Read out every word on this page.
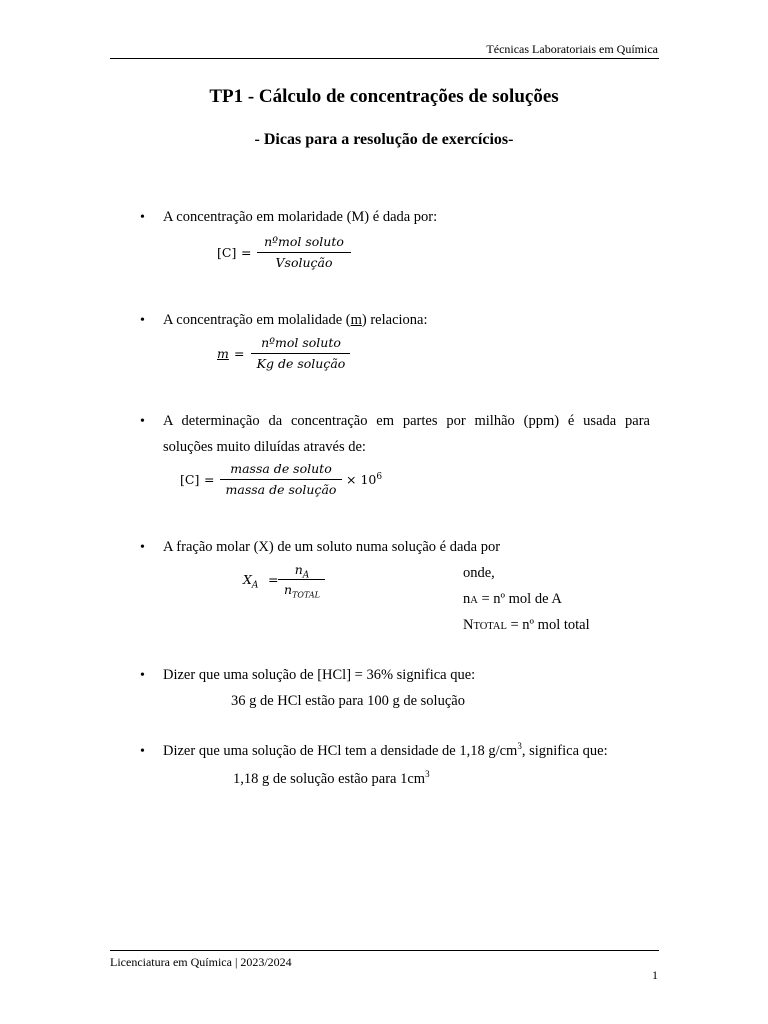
Técnicas Laboratoriais em Química
TP1 - Cálculo de concentrações de soluções
- Dicas para a resolução de exercícios-
• A concentração em molaridade (M) é dada por:
[C] =
nºmol soluto
Vsolução
• A concentração em molalidade (m) relaciona:
m =
nºmol soluto
Kg de solução
• A determinação da concentração em partes por milhão (ppm) é usada para
soluções muito diluídas através de:
[C] =
massa de soluto
massa de solução
× $10^6$
• A fração molar (X) de um soluto numa solução é dada por
$X_A$ =
$n_A$
$n_{TOTAL}$
onde,
nA = nº mol de A
NTOTAL = nº mol total
• Dizer que uma solução de [HCl] = 36% significa que:
36 g de HCl estão para 100 g de solução
• Dizer que uma solução de HCl tem a densidade de 1,18 $g/cm^3$, significa que:
1,18 g de solução estão para $1cm^3$
Licenciatura em Química | 2023/2024
1
